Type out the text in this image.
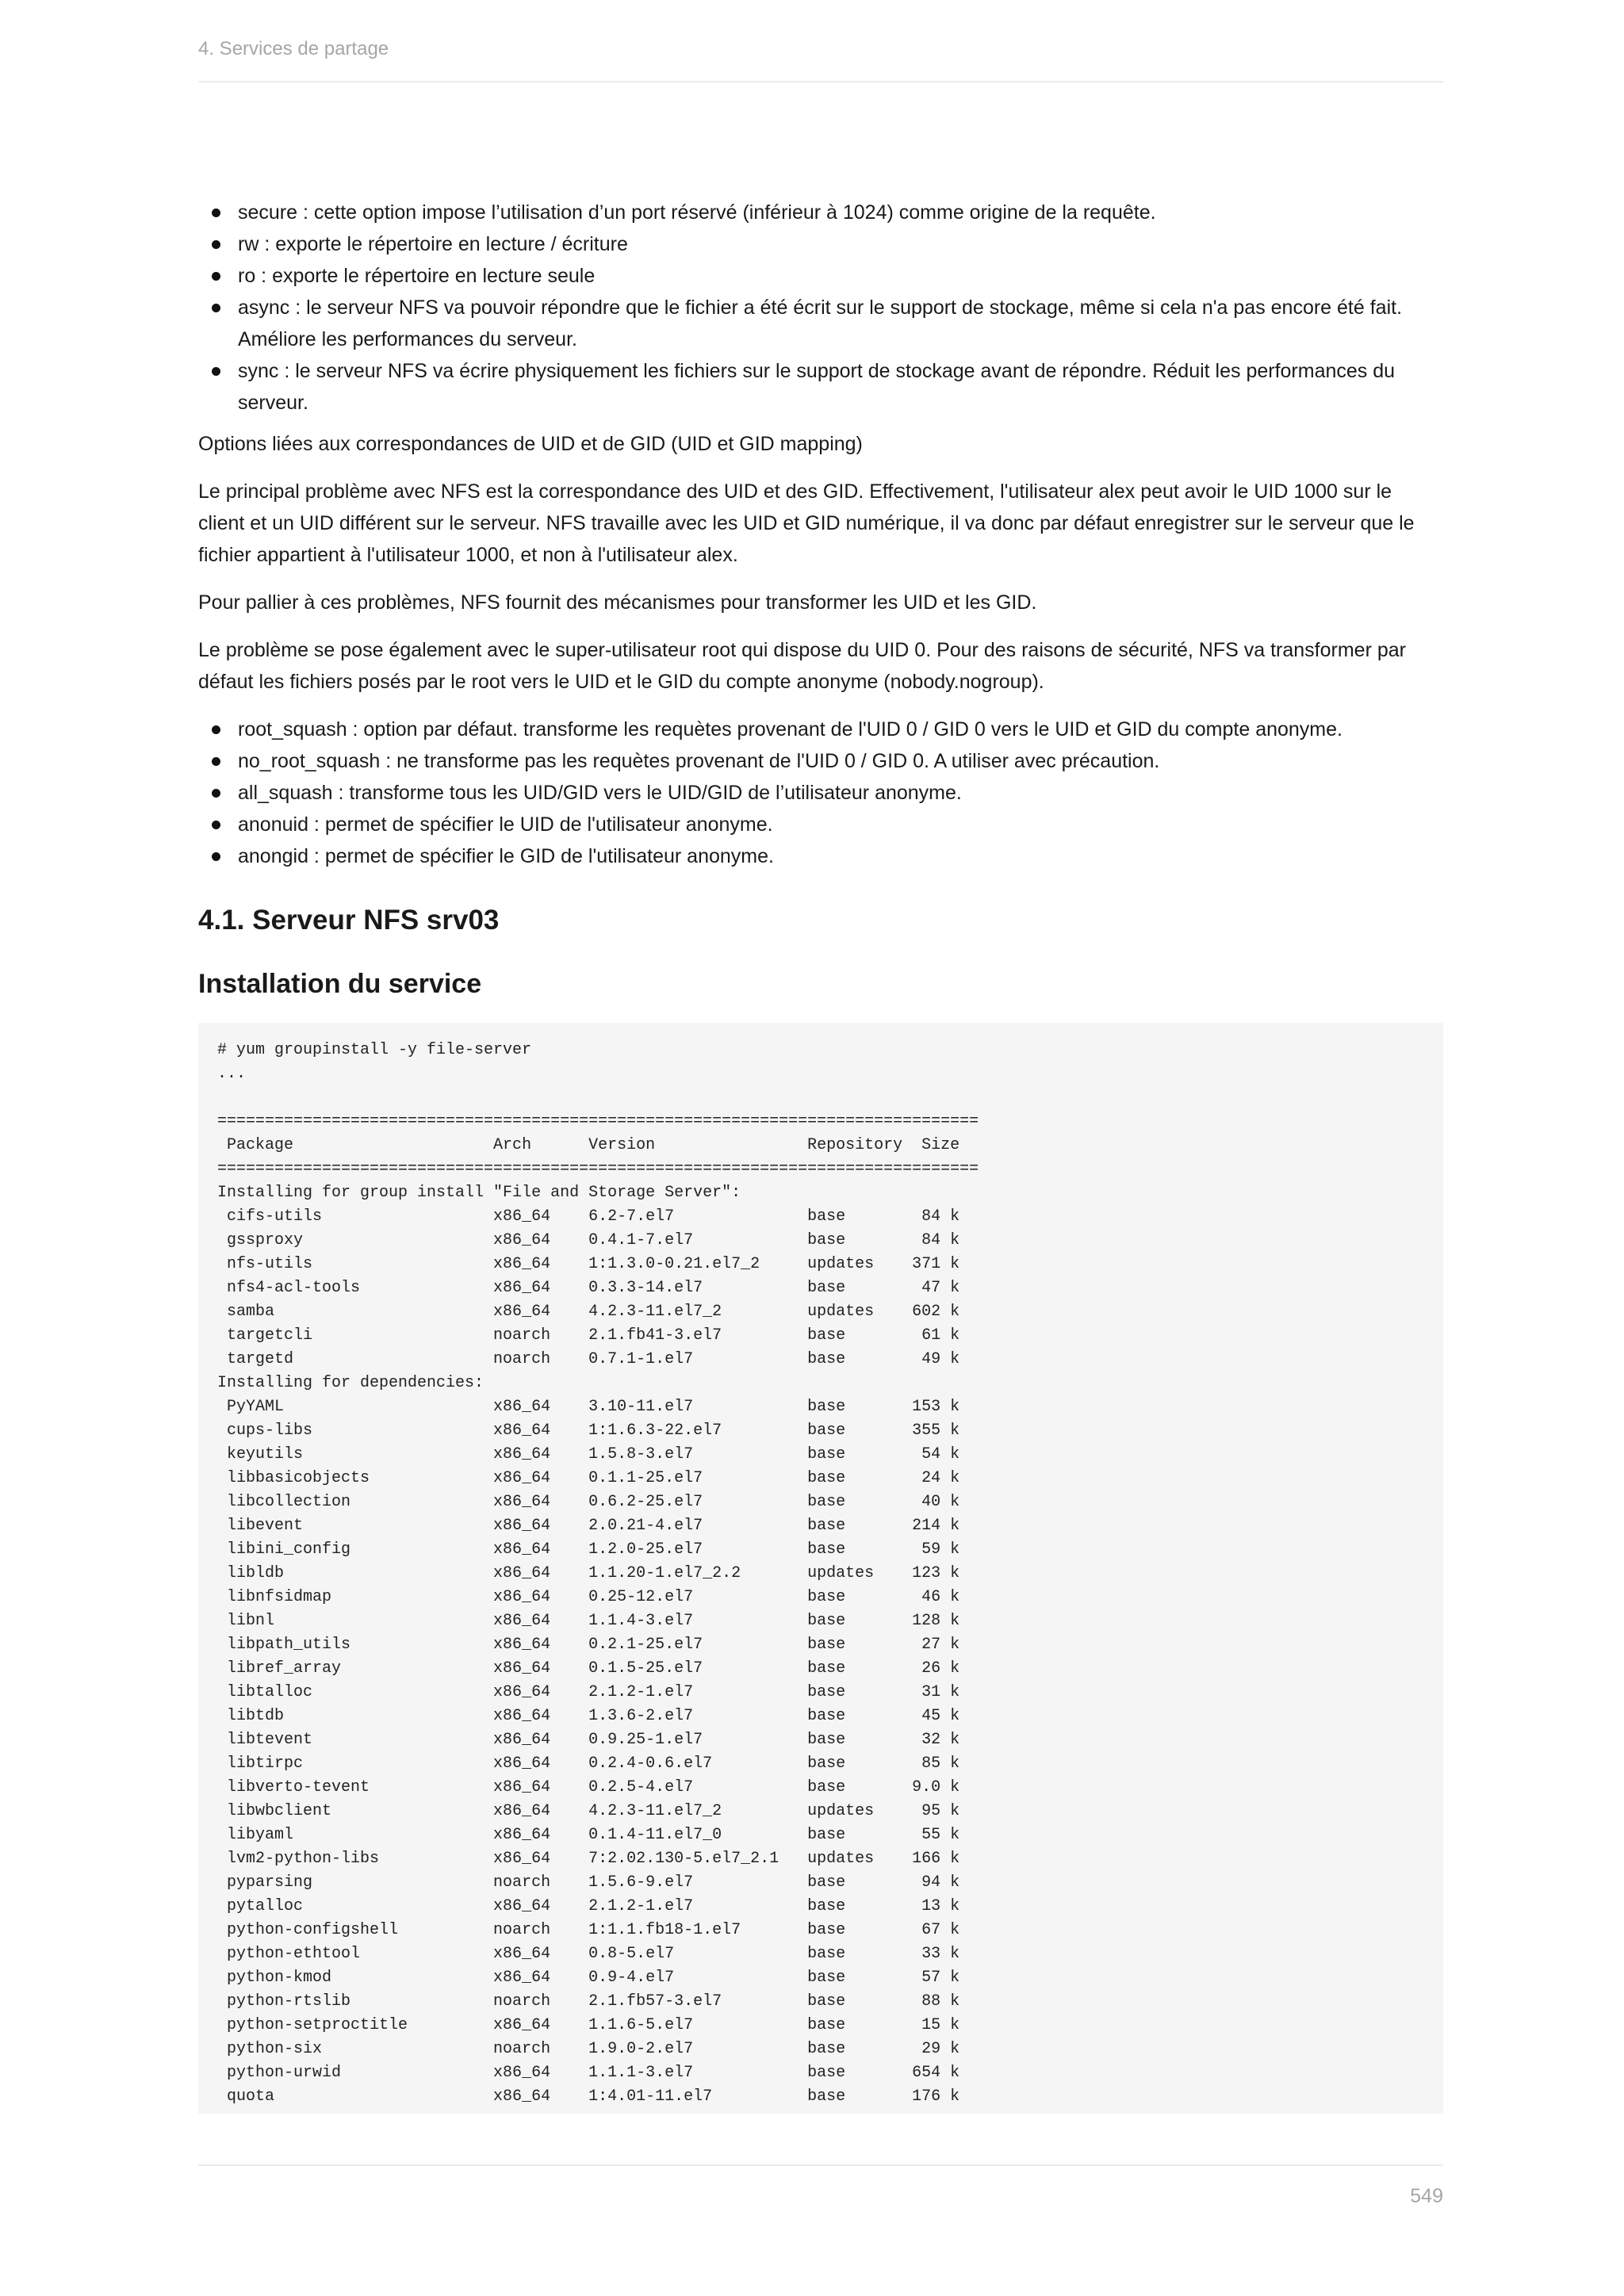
4. Services de partage
secure : cette option impose l’utilisation d’un port réservé (inférieur à 1024) comme origine de la requête.
rw : exporte le répertoire en lecture / écriture
ro : exporte le répertoire en lecture seule
async : le serveur NFS va pouvoir répondre que le fichier a été écrit sur le support de stockage, même si cela n'a pas encore été fait. Améliore les performances du serveur.
sync : le serveur NFS va écrire physiquement les fichiers sur le support de stockage avant de répondre. Réduit les performances du serveur.

Options liées aux correspondances de UID et de GID (UID et GID mapping)

Le principal problème avec NFS est la correspondance des UID et des GID. Effectivement, l'utilisateur alex peut avoir le UID 1000 sur le client et un UID différent sur le serveur. NFS travaille avec les UID et GID numérique, il va donc par défaut enregistrer sur le serveur que le fichier appartient à l'utilisateur 1000, et non à l'utilisateur alex.

Pour pallier à ces problèmes, NFS fournit des mécanismes pour transformer les UID et les GID.

Le problème se pose également avec le super-utilisateur root qui dispose du UID 0. Pour des raisons de sécurité, NFS va transformer par défaut les fichiers posés par le root vers le UID et le GID du compte anonyme (nobody.nogroup).

root_squash : option par défaut. transforme les requètes provenant de l'UID 0 / GID 0 vers le UID et GID du compte anonyme.
no_root_squash : ne transforme pas les requètes provenant de l'UID 0 / GID 0. A utiliser avec précaution.
all_squash : transforme tous les UID/GID vers le UID/GID de l’utilisateur anonyme.
anonuid : permet de spécifier le UID de l'utilisateur anonyme.
anongid : permet de spécifier le GID de l'utilisateur anonyme.
4.1. Serveur NFS srv03
Installation du service
# yum groupinstall -y file-server
...

================================================================================
Package                     Arch      Version                Repository  Size
================================================================================
Installing for group install "File and Storage Server":
cifs-utils                  x86_64    6.2-7.el7              base        84 k
gssproxy                    x86_64    0.4.1-7.el7            base        84 k
nfs-utils                   x86_64    1:1.3.0-0.21.el7_2     updates    371 k
nfs4-acl-tools              x86_64    0.3.3-14.el7           base        47 k
samba                       x86_64    4.2.3-11.el7_2         updates    602 k
targetcli                   noarch    2.1.fb41-3.el7         base        61 k
targetd                     noarch    0.7.1-1.el7            base        49 k
Installing for dependencies:
PyYAML                      x86_64    3.10-11.el7            base       153 k
cups-libs                   x86_64    1:1.6.3-22.el7         base       355 k
keyutils                    x86_64    1.5.8-3.el7            base        54 k
libbasicobjects             x86_64    0.1.1-25.el7           base        24 k
libcollection               x86_64    0.6.2-25.el7           base        40 k
libevent                    x86_64    2.0.21-4.el7           base       214 k
libini_config               x86_64    1.2.0-25.el7           base        59 k
libldb                      x86_64    1.1.20-1.el7_2.2       updates    123 k
libnfsidmap                 x86_64    0.25-12.el7            base        46 k
libnl                       x86_64    1.1.4-3.el7            base       128 k
libpath_utils               x86_64    0.2.1-25.el7           base        27 k
libref_array                x86_64    0.1.5-25.el7           base        26 k
libtalloc                   x86_64    2.1.2-1.el7            base        31 k
libtdb                      x86_64    1.3.6-2.el7            base        45 k
libtevent                   x86_64    0.9.25-1.el7           base        32 k
libtirpc                    x86_64    0.2.4-0.6.el7          base        85 k
libverto-tevent             x86_64    0.2.5-4.el7            base       9.0 k
libwbclient                 x86_64    4.2.3-11.el7_2         updates     95 k
libyaml                     x86_64    0.1.4-11.el7_0         base        55 k
lvm2-python-libs            x86_64    7:2.02.130-5.el7_2.1   updates    166 k
pyparsing                   noarch    1.5.6-9.el7            base        94 k
pytalloc                    x86_64    2.1.2-1.el7            base        13 k
python-configshell          noarch    1:1.1.fb18-1.el7       base        67 k
python-ethtool              x86_64    0.8-5.el7              base        33 k
python-kmod                 x86_64    0.9-4.el7              base        57 k
python-rtslib               noarch    2.1.fb57-3.el7         base        88 k
python-setproctitle         x86_64    1.1.6-5.el7            base        15 k
python-six                  noarch    1.9.0-2.el7            base        29 k
python-urwid                x86_64    1.1.1-3.el7            base       654 k
quota                       x86_64    1:4.01-11.el7          base       176 k
549
